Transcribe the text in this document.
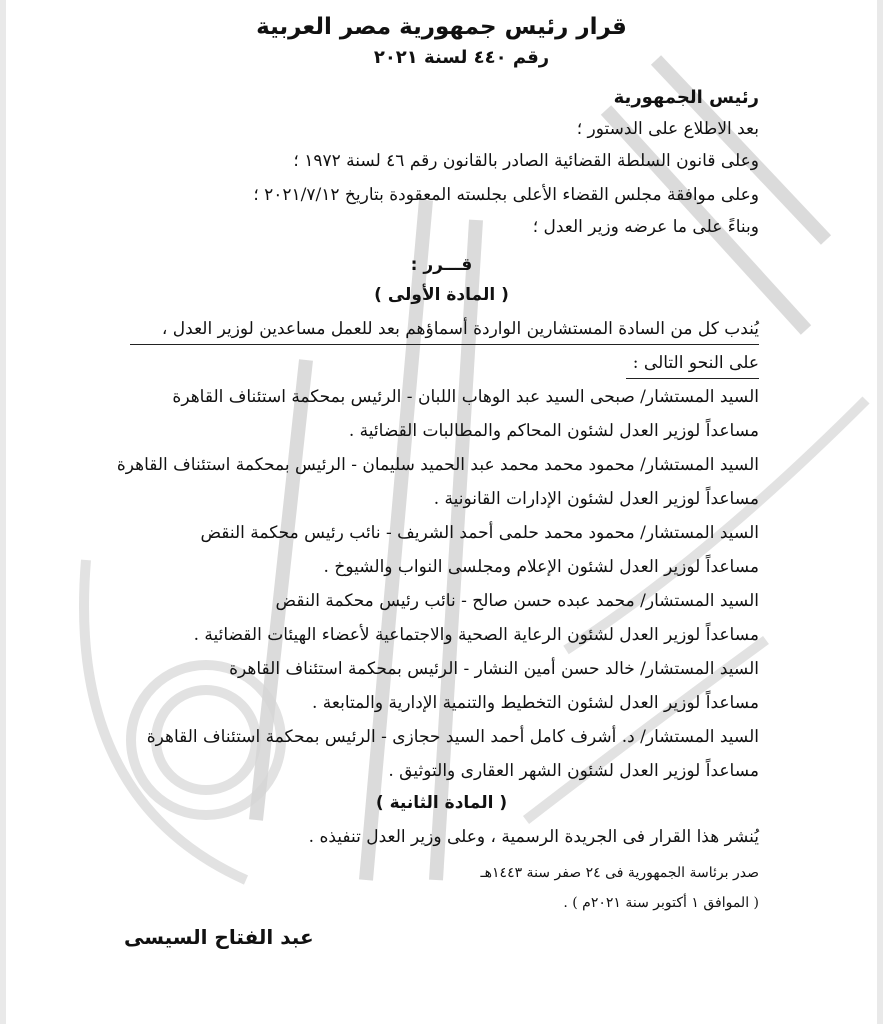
قرار رئيس جمهورية مصر العربية
رقم ٤٤٠ لسنة ٢٠٢١
رئيس الجمهورية
بعد الاطلاع على الدستور ؛
وعلى قانون السلطة القضائية الصادر بالقانون رقم ٤٦ لسنة ١٩٧٢ ؛
وعلى موافقة مجلس القضاء الأعلى بجلسته المعقودة بتاريخ ٢٠٢١/٧/١٢ ؛
وبناءً على ما عرضه وزير العدل ؛
قـــرر :
( المادة الأولى )
يُندب كل من السادة المستشارين الواردة أسماؤهم بعد للعمل مساعدين لوزير العدل ،
على النحو التالى :
السيد المستشار/ صبحى السيد عبد الوهاب اللبان - الرئيس بمحكمة استئناف القاهرة
مساعداً لوزير العدل لشئون المحاكم والمطالبات القضائية .
السيد المستشار/ محمود محمد محمد عبد الحميد سليمان - الرئيس بمحكمة استئناف القاهرة
مساعداً لوزير العدل لشئون الإدارات القانونية .
السيد المستشار/ محمود محمد حلمى أحمد الشريف - نائب رئيس محكمة النقض
مساعداً لوزير العدل لشئون الإعلام ومجلسى النواب والشيوخ .
السيد المستشار/ محمد عبده حسن صالح - نائب رئيس محكمة النقض
مساعداً لوزير العدل لشئون الرعاية الصحية والاجتماعية لأعضاء الهيئات القضائية .
السيد المستشار/ خالد حسن أمين النشار - الرئيس بمحكمة استئناف القاهرة
مساعداً لوزير العدل لشئون التخطيط والتنمية الإدارية والمتابعة .
السيد المستشار/ د. أشرف كامل أحمد السيد حجازى - الرئيس بمحكمة استئناف القاهرة
مساعداً لوزير العدل لشئون الشهر العقارى والتوثيق .
( المادة الثانية )
يُنشر هذا القرار فى الجريدة الرسمية ، وعلى وزير العدل تنفيذه .
صدر برئاسة الجمهورية فى ٢٤ صفر سنة ١٤٤٣هـ
( الموافق ١ أكتوبر سنة ٢٠٢١م ) .
عبد الفتاح السيسى
